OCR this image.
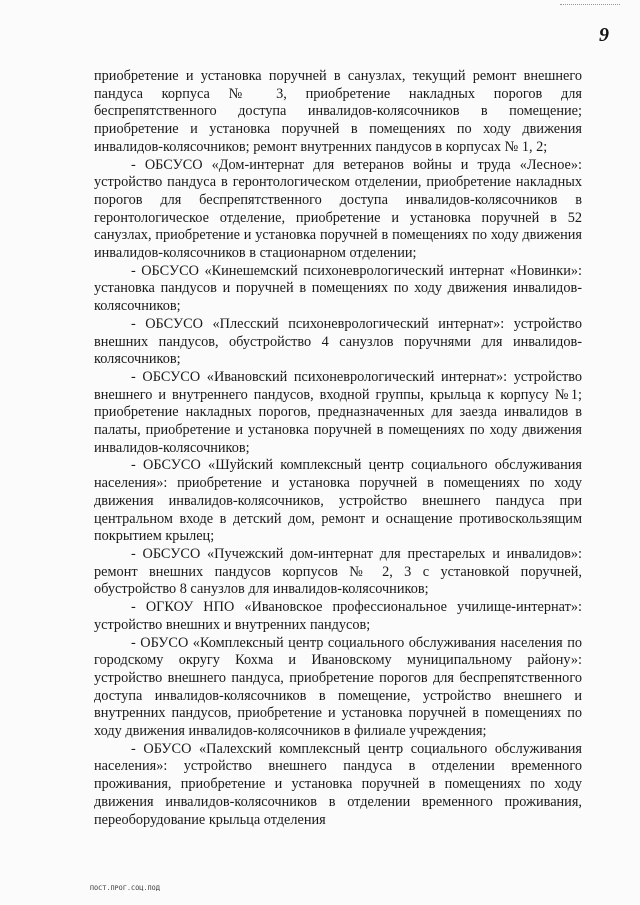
9

приобретение и установка поручней в санузлах, текущий ремонт внешнего пандуса корпуса № 3, приобретение накладных порогов для беспрепятственного доступа инвалидов-колясочников в помещение; приобретение и установка поручней в помещениях по ходу движения инвалидов-колясочников; ремонт внутренних пандусов в корпусах № 1, 2;

- ОБСУСО «Дом-интернат для ветеранов войны и труда «Лесное»: устройство пандуса в геронтологическом отделении, приобретение накладных порогов для беспрепятственного доступа инвалидов-колясочников в геронтологическое отделение, приобретение и установка поручней в 52 санузлах, приобретение и установка поручней в помещениях по ходу движения инвалидов-колясочников в стационарном отделении;

- ОБСУСО «Кинешемский психоневрологический интернат «Новинки»: установка пандусов и поручней в помещениях по ходу движения инвалидов-колясочников;

- ОБСУСО «Плесский психоневрологический интернат»: устройство внешних пандусов, обустройство 4 санузлов поручнями для инвалидов-колясочников;

- ОБСУСО «Ивановский психоневрологический интернат»: устройство внешнего и внутреннего пандусов, входной группы, крыльца к корпусу №1; приобретение накладных порогов, предназначенных для заезда инвалидов в палаты, приобретение и установка поручней в помещениях по ходу движения инвалидов-колясочников;

- ОБСУСО «Шуйский комплексный центр социального обслуживания населения»: приобретение и установка поручней в помещениях по ходу движения инвалидов-колясочников, устройство внешнего пандуса при центральном входе в детский дом, ремонт и оснащение противоскользящим покрытием крылец;

- ОБСУСО «Пучежский дом-интернат для престарелых и инвалидов»: ремонт внешних пандусов корпусов № 2, 3 с установкой поручней, обустройство 8 санузлов для инвалидов-колясочников;

- ОГКОУ НПО «Ивановское профессиональное училище-интернат»: устройство внешних и внутренних пандусов;

- ОБУСО «Комплексный центр социального обслуживания населения по городскому округу Кохма и Ивановскому муниципальному району»: устройство внешнего пандуса, приобретение порогов для беспрепятственного доступа инвалидов-колясочников в помещение, устройство внешнего и внутренних пандусов, приобретение и установка поручней в помещениях по ходу движения инвалидов-колясочников в филиале учреждения;

- ОБУСО «Палехский комплексный центр социального обслуживания населения»: устройство внешнего пандуса в отделении временного проживания, приобретение и установка поручней в помещениях по ходу движения инвалидов-колясочников в отделении временного проживания, переоборудование крыльца отделения

ПОСТ.ПРОГ.СОЦ.ПОД
